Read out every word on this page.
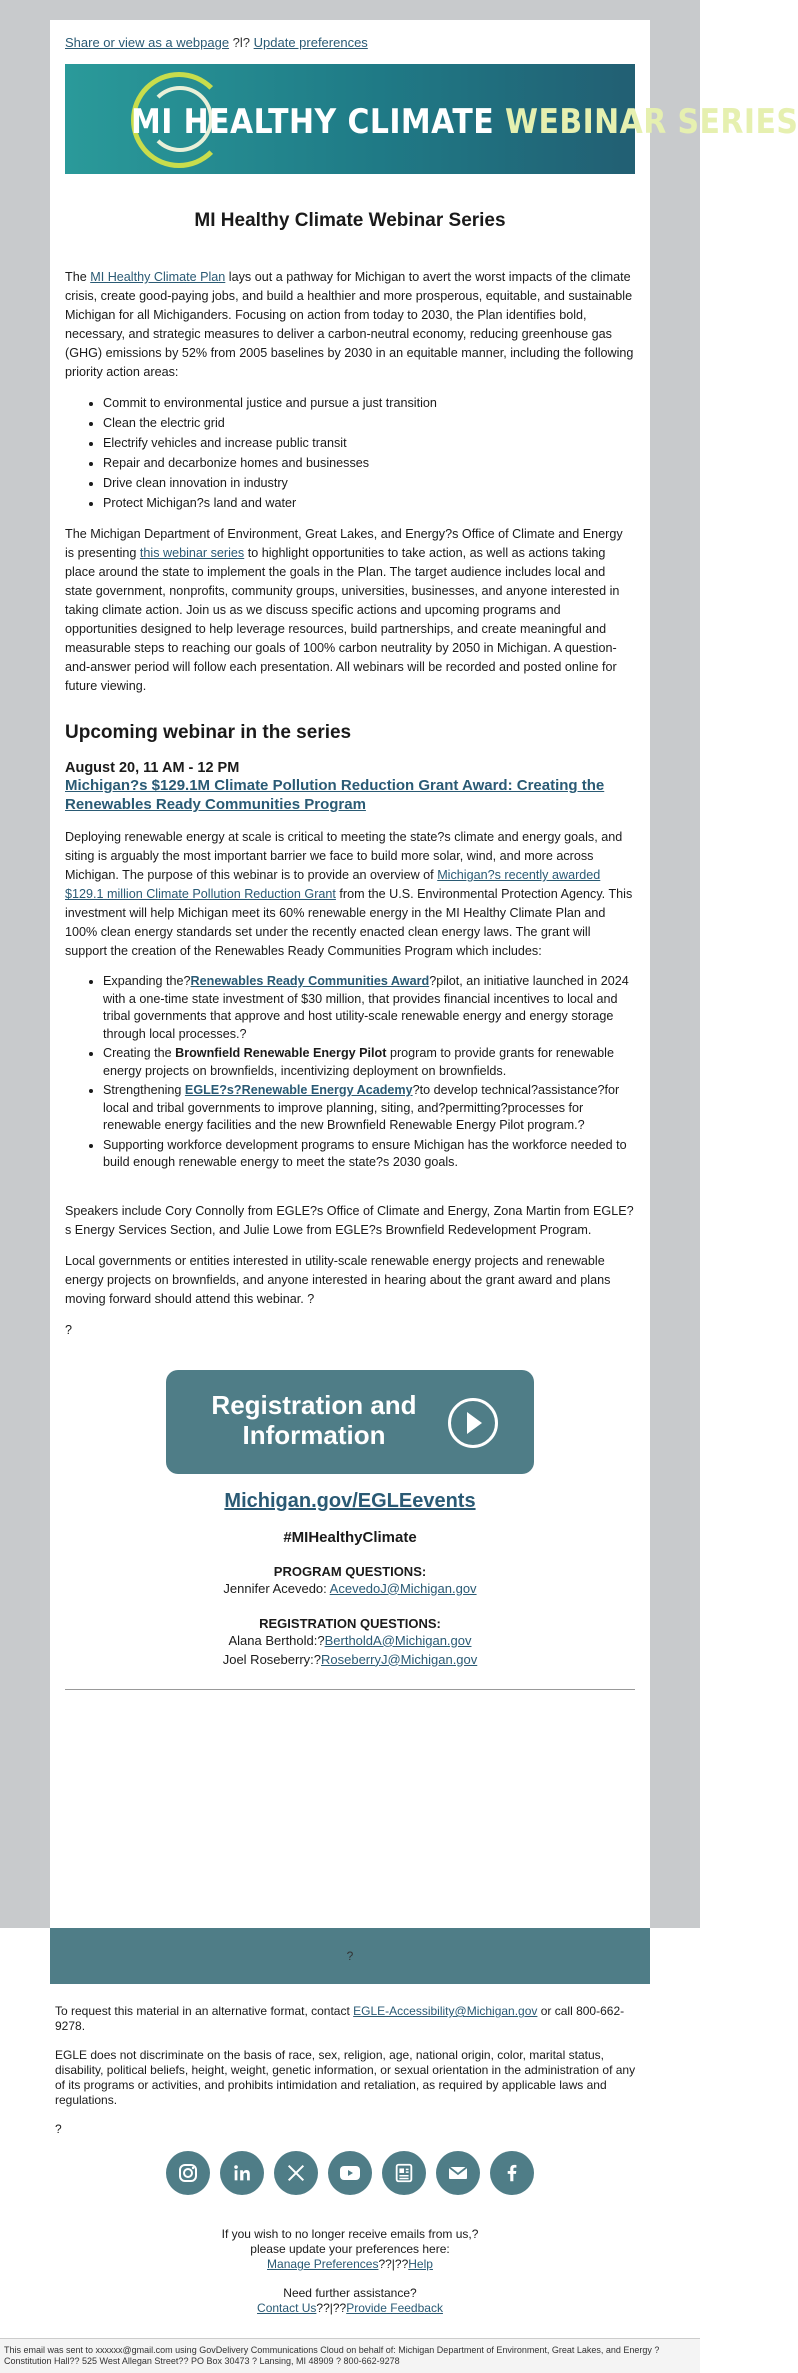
Share or view as a webpage ?l? Update preferences
MI HEALTHY CLIMATE WEBINAR SERIES
MI Healthy Climate Webinar Series

The MI Healthy Climate Plan lays out a pathway for Michigan to avert the worst impacts of the climate crisis, create good-paying jobs, and build a healthier and more prosperous, equitable, and sustainable Michigan for all Michiganders. Focusing on action from today to 2030, the Plan identifies bold, necessary, and strategic measures to deliver a carbon-neutral economy, reducing greenhouse gas (GHG) emissions by 52% from 2005 baselines by 2030 in an equitable manner, including the following priority action areas:

• Commit to environmental justice and pursue a just transition
• Clean the electric grid
• Electrify vehicles and increase public transit
• Repair and decarbonize homes and businesses
• Drive clean innovation in industry
• Protect Michigan?s land and water

The Michigan Department of Environment, Great Lakes, and Energy?s Office of Climate and Energy is presenting this webinar series to highlight opportunities to take action, as well as actions taking place around the state to implement the goals in the Plan. The target audience includes local and state government, nonprofits, community groups, universities, businesses, and anyone interested in taking climate action. Join us as we discuss specific actions and upcoming programs and opportunities designed to help leverage resources, build partnerships, and create meaningful and measurable steps to reaching our goals of 100% carbon neutrality by 2050 in Michigan. A question-and-answer period will follow each presentation. All webinars will be recorded and posted online for future viewing.

Upcoming webinar in the series
August 20, 11 AM - 12 PM
Michigan?s $129.1M Climate Pollution Reduction Grant Award: Creating the Renewables Ready Communities Program

Deploying renewable energy at scale is critical to meeting the state?s climate and energy goals, and siting is arguably the most important barrier we face to build more solar, wind, and more across Michigan. The purpose of this webinar is to provide an overview of Michigan?s recently awarded $129.1 million Climate Pollution Reduction Grant from the U.S. Environmental Protection Agency. This investment will help Michigan meet its 60% renewable energy in the MI Healthy Climate Plan and 100% clean energy standards set under the recently enacted clean energy laws. The grant will support the creation of the Renewables Ready Communities Program which includes:

• Expanding the?Renewables Ready Communities Award?pilot, an initiative launched in 2024 with a one-time state investment of $30 million, that provides financial incentives to local and tribal governments that approve and host utility-scale renewable energy and energy storage through local processes.?
• Creating the Brownfield Renewable Energy Pilot program to provide grants for renewable energy projects on brownfields, incentivizing deployment on brownfields.
• Strengthening EGLE?s?Renewable Energy Academy?to develop technical?assistance?for local and tribal governments to improve planning, siting, and?permitting?processes for renewable energy facilities and the new Brownfield Renewable Energy Pilot program.?
• Supporting workforce development programs to ensure Michigan has the workforce needed to build enough renewable energy to meet the state?s 2030 goals.

Speakers include Cory Connolly from EGLE?s Office of Climate and Energy, Zona Martin from EGLE?s Energy Services Section, and Julie Lowe from EGLE?s Brownfield Redevelopment Program.

Local governments or entities interested in utility-scale renewable energy projects and renewable energy projects on brownfields, and anyone interested in hearing about the grant award and plans moving forward should attend this webinar. ?

?

Registration and Information
Michigan.gov/EGLEevents
#MIHealthyClimate
PROGRAM QUESTIONS:
Jennifer Acevedo: AcevedoJ@Michigan.gov
REGISTRATION QUESTIONS:
Alana Berthold:?BertholdA@Michigan.gov
Joel Roseberry:?RoseberryJ@Michigan.gov
?

To request this material in an alternative format, contact EGLE-Accessibility@Michigan.gov or call 800-662-9278.

EGLE does not discriminate on the basis of race, sex, religion, age, national origin, color, marital status, disability, political beliefs, height, weight, genetic information, or sexual orientation in the administration of any of its programs or activities, and prohibits intimidation and retaliation, as required by applicable laws and regulations.

?

If you wish to no longer receive emails from us,?
please update your preferences here:
Manage Preferences??|??Help
Need further assistance?
Contact Us??|??Provide Feedback
This email was sent to xxxxxx@gmail.com using GovDelivery Communications Cloud on behalf of: Michigan Department of Environment, Great Lakes, and Energy ? Constitution Hall?? 525 West Allegan Street?? PO Box 30473 ? Lansing, MI 48909 ? 800-662-9278
